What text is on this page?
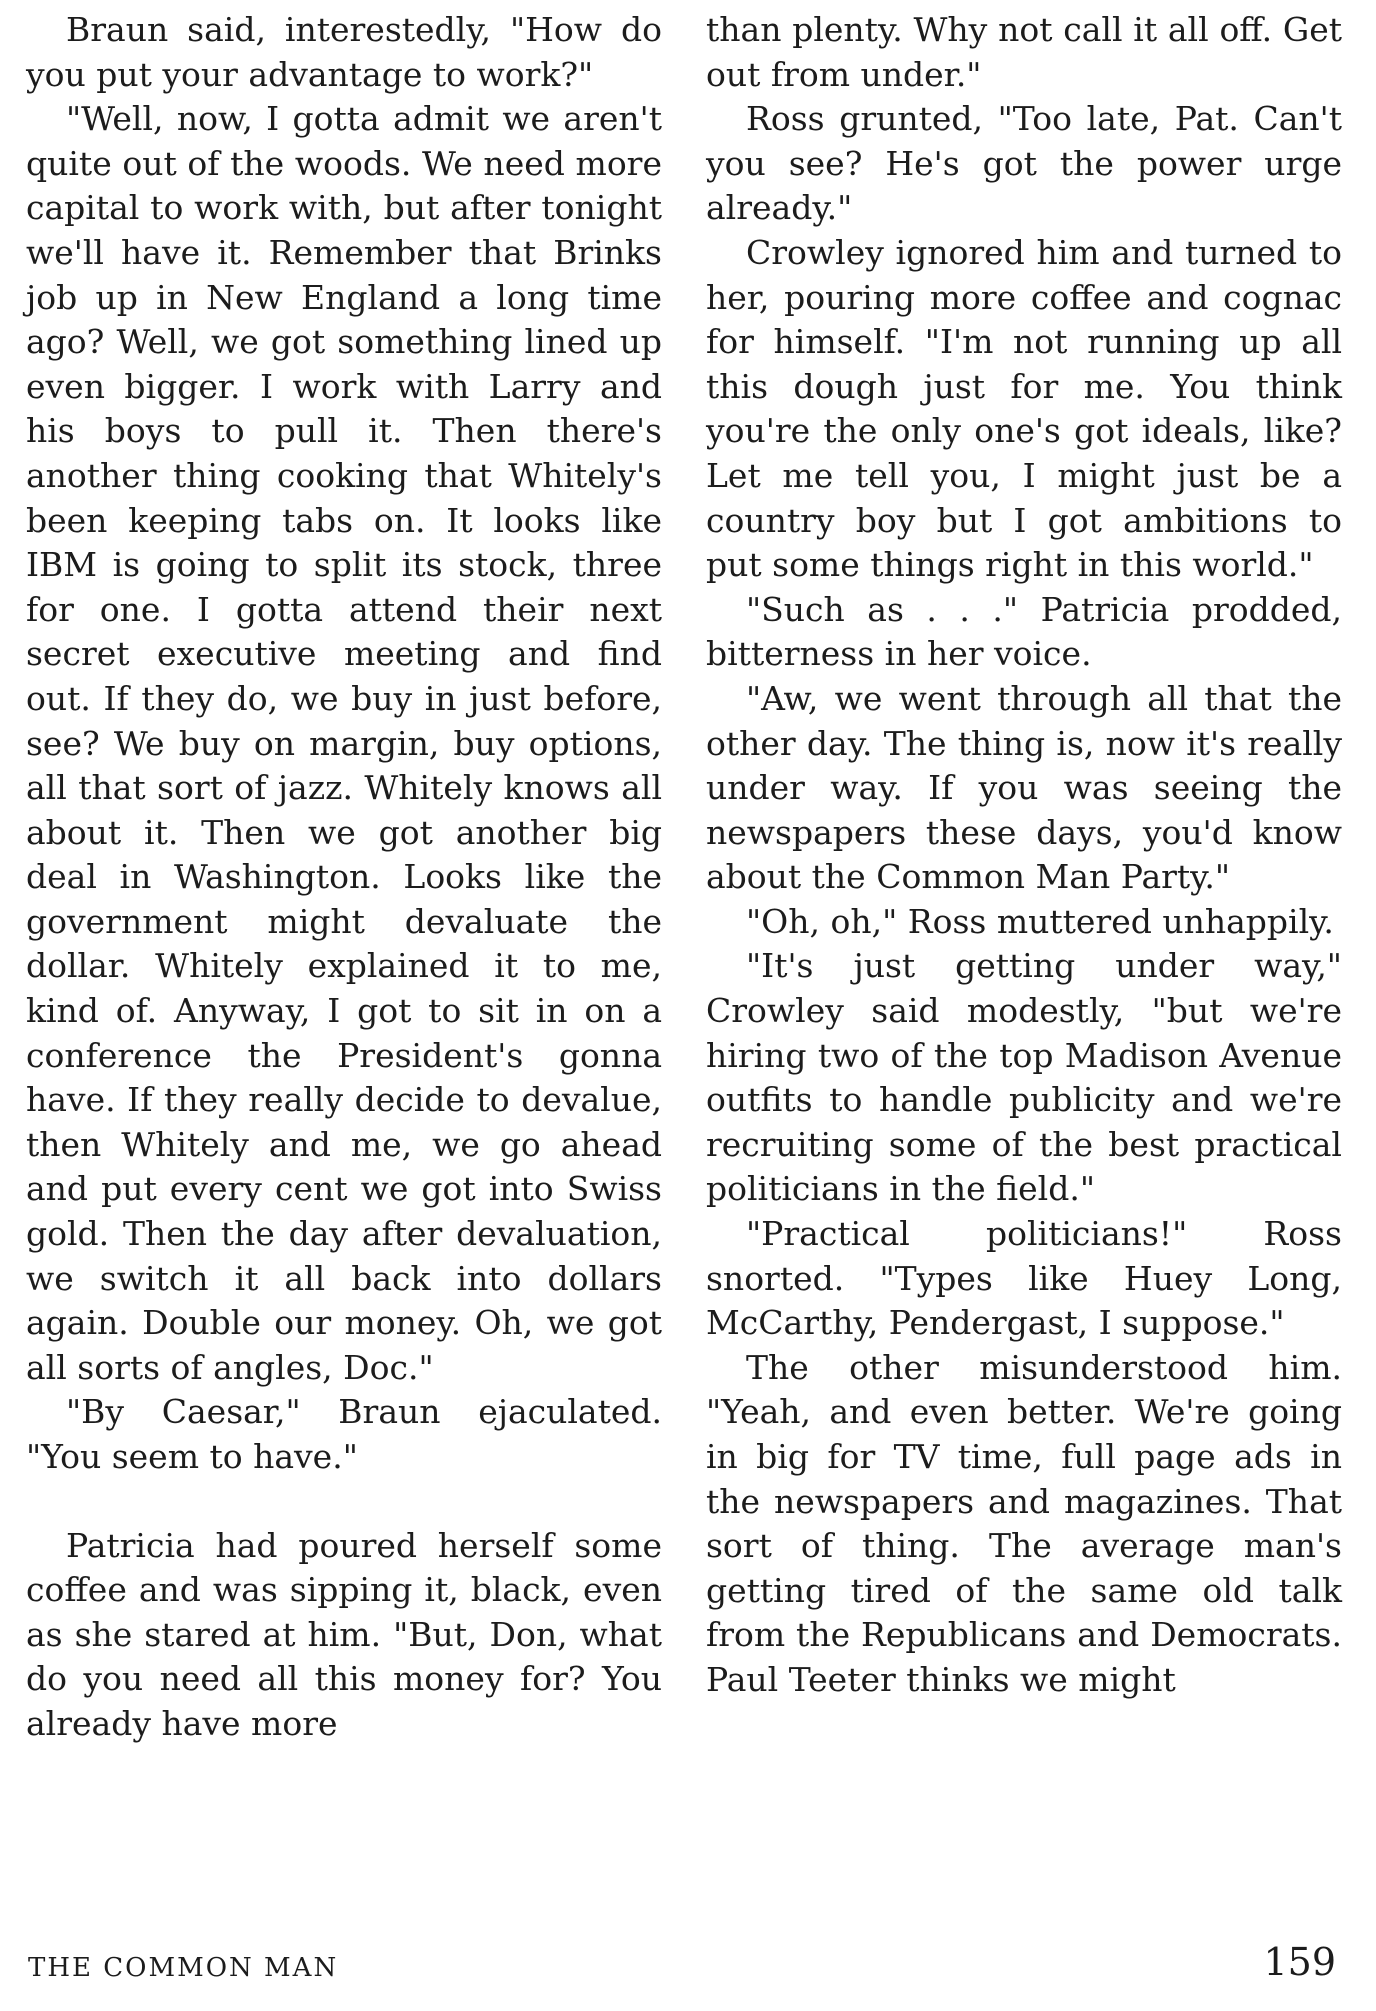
Braun said, interestedly, "How do you put your advantage to work?"

"Well, now, I gotta admit we aren't quite out of the woods. We need more capital to work with, but after tonight we'll have it. Remember that Brinks job up in New England a long time ago? Well, we got something lined up even bigger. I work with Larry and his boys to pull it. Then there's another thing cooking that Whitely's been keeping tabs on. It looks like IBM is going to split its stock, three for one. I gotta attend their next secret executive meeting and find out. If they do, we buy in just before, see? We buy on margin, buy options, all that sort of jazz. Whitely knows all about it. Then we got another big deal in Washington. Looks like the government might devaluate the dollar. Whitely explained it to me, kind of. Anyway, I got to sit in on a conference the President's gonna have. If they really decide to devalue, then Whitely and me, we go ahead and put every cent we got into Swiss gold. Then the day after devaluation, we switch it all back into dollars again. Double our money. Oh, we got all sorts of angles, Doc."

"By Caesar," Braun ejaculated. "You seem to have."

Patricia had poured herself some coffee and was sipping it, black, even as she stared at him. "But, Don, what do you need all this money for? You already have more

than plenty. Why not call it all off. Get out from under."

Ross grunted, "Too late, Pat. Can't you see? He's got the power urge already."

Crowley ignored him and turned to her, pouring more coffee and cognac for himself. "I'm not running up all this dough just for me. You think you're the only one's got ideals, like? Let me tell you, I might just be a country boy but I got ambitions to put some things right in this world."

"Such as . . ." Patricia prodded, bitterness in her voice.

"Aw, we went through all that the other day. The thing is, now it's really under way. If you was seeing the newspapers these days, you'd know about the Common Man Party."

"Oh, oh," Ross muttered unhappily.

"It's just getting under way," Crowley said modestly, "but we're hiring two of the top Madison Avenue outfits to handle publicity and we're recruiting some of the best practical politicians in the field."

"Practical politicians!" Ross snorted. "Types like Huey Long, McCarthy, Pendergast, I suppose."

The other misunderstood him. "Yeah, and even better. We're going in big for TV time, full page ads in the newspapers and magazines. That sort of thing. The average man's getting tired of the same old talk from the Republicans and Democrats. Paul Teeter thinks we might

THE COMMON MAN	159
